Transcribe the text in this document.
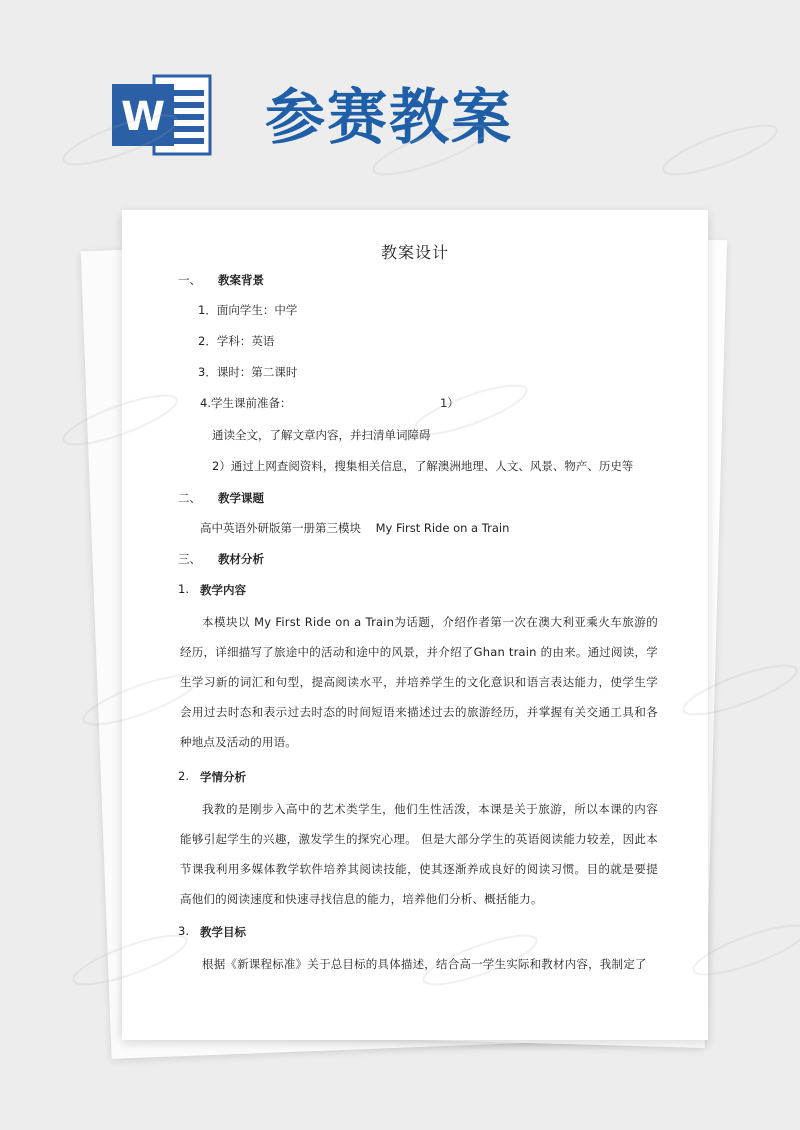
W 参赛教案
教案设计
一、 教案背景
1．面向学生：中学
2．学科：英语
3．课时：第二课时
4.学生课前准备：	1）
通读全文，了解文章内容，并扫清单词障碍
2）通过上网查阅资料，搜集相关信息，了解澳洲地理、人文、风景、物产、历史等
二、 教学课题
高中英语外研版第一册第三模块    My First Ride on a Train
三、 教材分析
1. 教学内容
本模块以 My First Ride on a Train为话题，介绍作者第一次在澳大利亚乘火车旅游的经历，详细描写了旅途中的活动和途中的风景，并介绍了Ghan train 的由来。通过阅读，学生学习新的词汇和句型，提高阅读水平，并培养学生的文化意识和语言表达能力，使学生学会用过去时态和表示过去时态的时间短语来描述过去的旅游经历，并掌握有关交通工具和各种地点及活动的用语。
2. 学情分析
我教的是刚步入高中的艺术类学生，他们生性活泼，本课是关于旅游，所以本课的内容能够引起学生的兴趣，激发学生的探究心理。 但是大部分学生的英语阅读能力较差，因此本节课我利用多媒体教学软件培养其阅读技能，使其逐渐养成良好的阅读习惯。目的就是要提高他们的阅读速度和快速寻找信息的能力，培养他们分析、概括能力。
3. 教学目标
根据《新课程标准》关于总目标的具体描述，结合高一学生实际和教材内容，我制定了
